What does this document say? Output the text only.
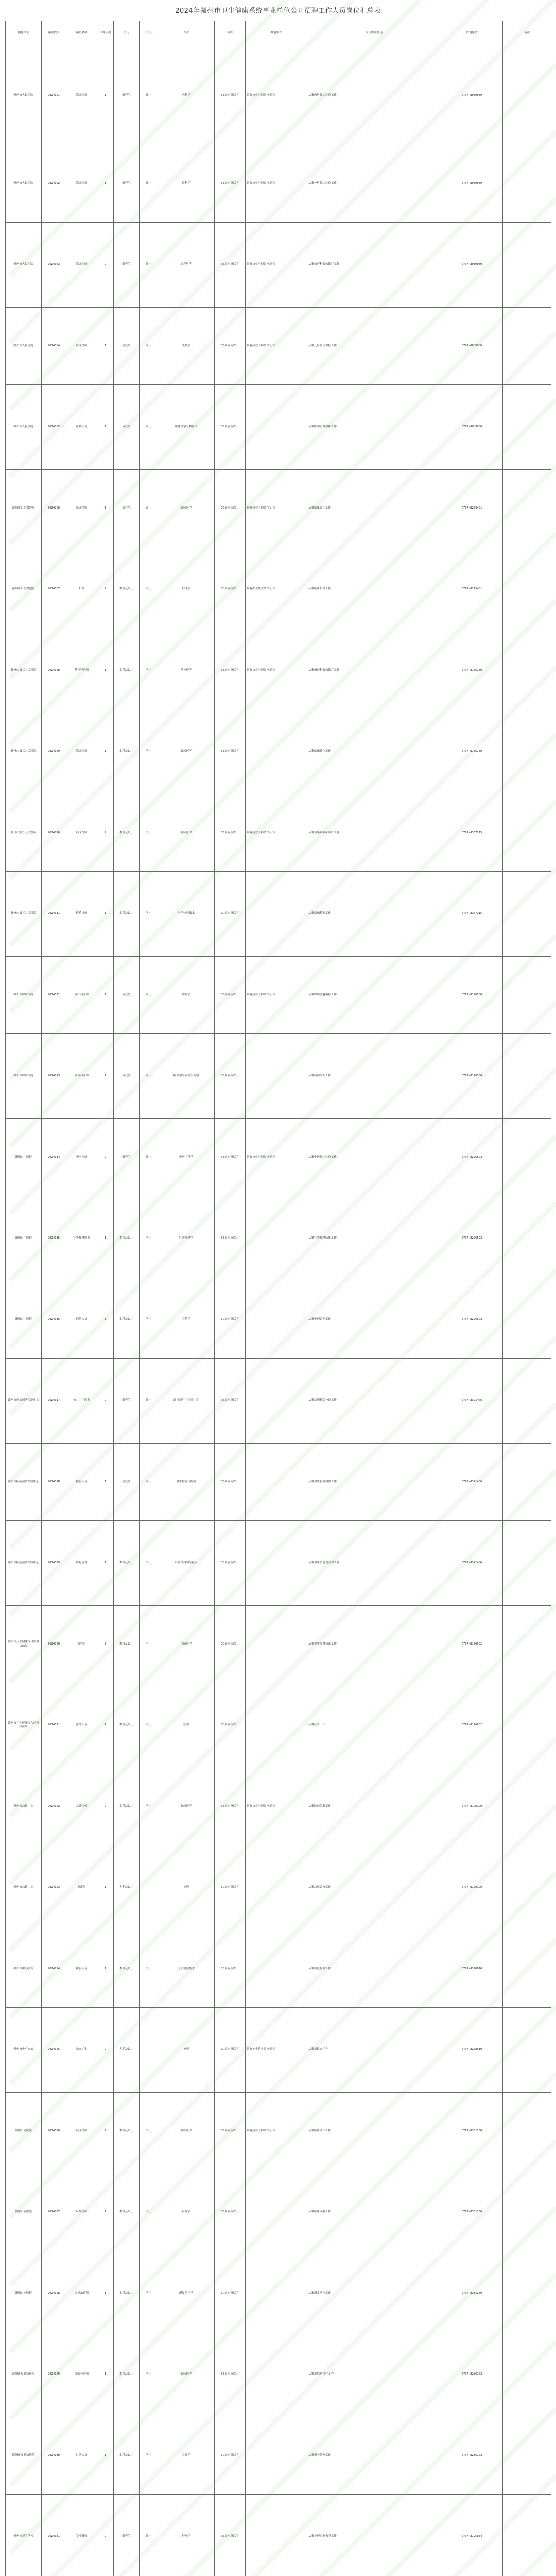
2024年赣州市卫生健康系统事业单位公开招聘工作人员岗位汇总表
招聘单位	岗位代码	岗位名称	招聘人数	学历	学位	专业	年龄	其他条件	岗位职责描述	咨询电话	备注
赣州市人民医院	2024001	临床医师	1	研究生	硕士	内科学	35周岁及以下	具有执业医师资格证书	从事内科临床诊疗工作	0797-8089080	
赣州市人民医院	2024002	临床医师	1	研究生	硕士	外科学	35周岁及以下	具有执业医师资格证书	从事外科临床诊疗工作	0797-8089080	
赣州市人民医院	2024003	临床医师	2	研究生	硕士	妇产科学	35周岁及以下	具有执业医师资格证书	从事妇产科临床诊疗工作	0797-8089080	
赣州市人民医院	2024004	临床医师	1	研究生	硕士	儿科学	35周岁及以下	具有执业医师资格证书	从事儿科临床诊疗工作	0797-8089080	
赣州市人民医院	2024005	医技人员	1	研究生	硕士	影像医学与核医学	35周岁及以下		从事医学影像诊断工作	0797-8089080	
赣州市妇幼保健院	2024006	临床医师	1	研究生	硕士	临床医学	35周岁及以下	具有执业医师资格证书	从事临床诊疗工作	0797-8223451	
赣州市妇幼保健院	2024007	护理	2	本科及以上	学士	护理学	30周岁及以下	具有护士执业资格证书	从事临床护理工作	0797-8223451	
赣州市第三人民医院	2024008	精神科医师	1	本科及以上	学士	精神医学	35周岁及以下	具有执业医师资格证书	从事精神科临床诊疗工作	0797-8156780	
赣州市第三人民医院	2024009	临床医师	1	本科及以上	学士	临床医学	35周岁及以下		从事临床诊疗工作	0797-8156780	
赣州市第五人民医院	2024010	临床医师	2	本科及以上	学士	临床医学	35周岁及以下	具有执业医师资格证书	从事传染病临床诊疗工作	0797-8367215	
赣州市第五人民医院	2024011	检验技师	1	本科及以上	学士	医学检验技术	30周岁及以下		从事临床检验工作	0797-8367215	
赣州市肿瘤医院	2024012	放疗科医师	1	研究生	硕士	肿瘤学	35周岁及以下	具有执业医师资格证书	从事肿瘤放射治疗工作	0797-8176530	
赣州市肿瘤医院	2024013	病理科医师	1	研究生	硕士	病理学与病理生理学	35周岁及以下		从事病理诊断工作	0797-8176530	
赣州市中医院	2024014	中医医师	2	研究生	硕士	中医内科学	35周岁及以下	具有执业医师资格证书	从事中医临床诊疗工作	0797-8226523	
赣州市中医院	2024015	针灸推拿医师	1	本科及以上	学士	针灸推拿学	35周岁及以下		从事针灸推拿临床工作	0797-8226523	
赣州市中医院	2024016	药剂人员	1	本科及以上	学士	中药学	30周岁及以下		从事中药调剂工作	0797-8226523	
赣州市疾病预防控制中心	2024017	公共卫生医师	2	研究生	硕士	流行病与卫生统计学	35周岁及以下		从事疾病预防控制工作	0797-8321456	
赣州市疾病预防控制中心	2024018	检验人员	1	研究生	硕士	卫生检验与检疫	35周岁及以下		从事卫生检验检测工作	0797-8321456	
赣州市疾病预防控制中心	2024019	信息管理	1	本科及以上	学士	计算机科学与技术	30周岁及以下		从事卫生信息化管理工作	0797-8321456	
赣州市卫生健康综合监督执法局	2024020	监督员	2	本科及以上	学士	预防医学	30周岁及以下		从事卫生监督执法工作	0797-8176902	
赣州市卫生健康综合监督执法局	2024021	法务人员	1	本科及以上	学士	法学	30周岁及以下		从事法务工作	0797-8176902	
赣州市急救中心	2024022	急诊医师	2	本科及以上	学士	临床医学	35周岁及以下	具有执业医师资格证书	从事院前急救工作	0797-8120120	
赣州市急救中心	2024023	调度员	1	大专及以上		护理	30周岁及以下		从事急救调度工作	0797-8120120	
赣州市中心血站	2024024	检验人员	1	本科及以上	学士	医学检验技术	30周岁及以下		从事血液检测工作	0797-8228910	
赣州市中心血站	2024025	采血护士	2	大专及以上		护理	30周岁及以下	具有护士执业资格证书	从事采供血工作	0797-8228910	
赣州市立医院	2024026	临床医师	2	本科及以上	学士	临床医学	35周岁及以下	具有执业医师资格证书	从事临床诊疗工作	0797-8331260	
赣州市立医院	2024027	麻醉医师	1	本科及以上	学士	麻醉学	35周岁及以下		从事临床麻醉工作	0797-8331260	
赣州市立医院	2024028	康复治疗师	1	本科及以上	学士	康复治疗学	30周岁及以下		从事康复治疗工作	0797-8331260	
赣州市皮肤病医院	2024029	皮肤科医师	1	本科及以上	学士	临床医学	35周岁及以下		从事皮肤病诊疗工作	0797-8286103	
赣州市皮肤病医院	2024030	财务人员	1	本科及以上	学士	会计学	30周岁及以下		从事财务管理工作	0797-8286103	
赣州市卫生学校	2024031	专业教师	2	研究生	硕士	护理学	35周岁及以下		从事护理专业教学工作	0797-8195634	
